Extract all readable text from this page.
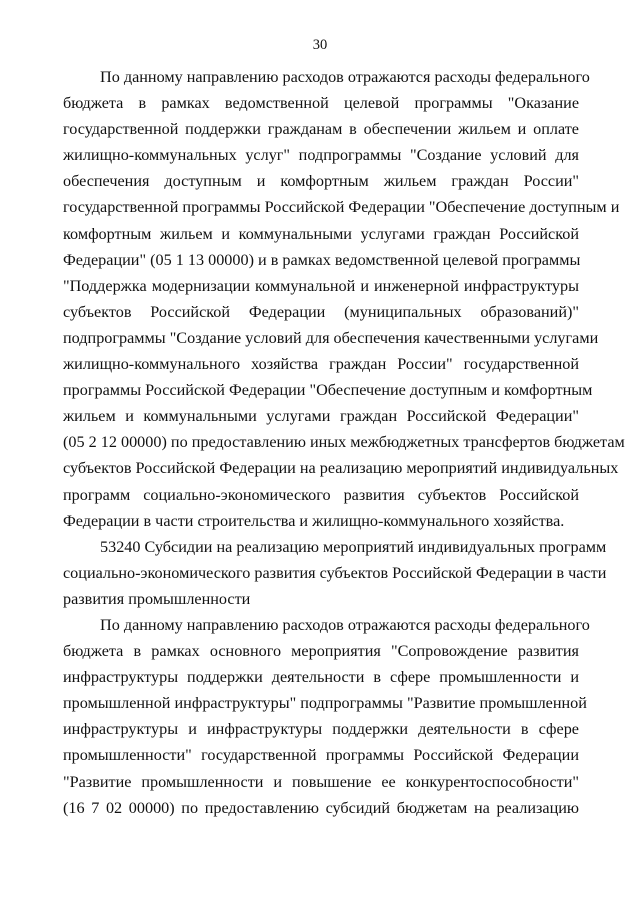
30
По данному направлению расходов отражаются расходы федерального
бюджета в рамках ведомственной целевой программы "Оказание
государственной поддержки гражданам в обеспечении жильем и оплате
жилищно-коммунальных услуг" подпрограммы "Создание условий для
обеспечения доступным и комфортным жильем граждан России"
государственной программы Российской Федерации "Обеспечение доступным и
комфортным жильем и коммунальными услугами граждан Российской
Федерации" (05 1 13 00000) и в рамках ведомственной целевой программы
"Поддержка модернизации коммунальной и инженерной инфраструктуры
субъектов Российской Федерации (муниципальных образований)"
подпрограммы "Создание условий для обеспечения качественными услугами
жилищно-коммунального хозяйства граждан России" государственной
программы Российской Федерации "Обеспечение доступным и комфортным
жильем и коммунальными услугами граждан Российской Федерации"
(05 2 12 00000) по предоставлению иных межбюджетных трансфертов бюджетам
субъектов Российской Федерации на реализацию мероприятий индивидуальных
программ социально-экономического развития субъектов Российской
Федерации в части строительства и жилищно-коммунального хозяйства.
53240 Субсидии на реализацию мероприятий индивидуальных программ
социально-экономического развития субъектов Российской Федерации в части
развития промышленности
По данному направлению расходов отражаются расходы федерального
бюджета в рамках основного мероприятия "Сопровождение развития
инфраструктуры поддержки деятельности в сфере промышленности и
промышленной инфраструктуры" подпрограммы "Развитие промышленной
инфраструктуры и инфраструктуры поддержки деятельности в сфере
промышленности" государственной программы Российской Федерации
"Развитие промышленности и повышение ее конкурентоспособности"
(16 7 02 00000) по предоставлению субсидий бюджетам на реализацию
